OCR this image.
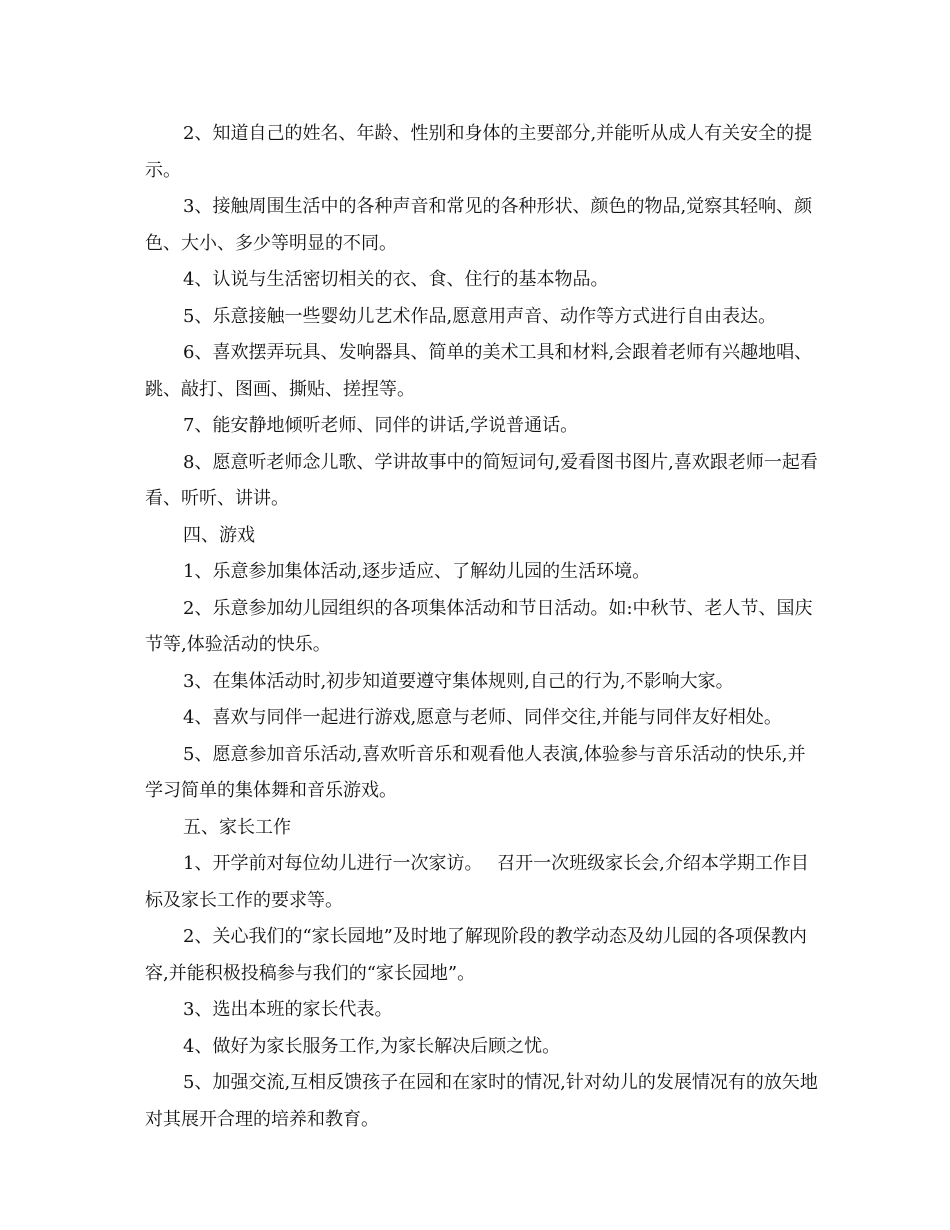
2、知道自己的姓名、年龄、性别和身体的主要部分,并能听从成人有关安全的提示。

3、接触周围生活中的各种声音和常见的各种形状、颜色的物品,觉察其轻响、颜色、大小、多少等明显的不同。

4、认说与生活密切相关的衣、食、住行的基本物品。

5、乐意接触一些婴幼儿艺术作品,愿意用声音、动作等方式进行自由表达。

6、喜欢摆弄玩具、发响器具、简单的美术工具和材料,会跟着老师有兴趣地唱、跳、敲打、图画、撕贴、搓捏等。

7、能安静地倾听老师、同伴的讲话,学说普通话。

8、愿意听老师念儿歌、学讲故事中的简短词句,爱看图书图片,喜欢跟老师一起看看、听听、讲讲。

四、游戏

1、乐意参加集体活动,逐步适应、了解幼儿园的生活环境。

2、乐意参加幼儿园组织的各项集体活动和节日活动。如:中秋节、老人节、国庆节等,体验活动的快乐。

3、在集体活动时,初步知道要遵守集体规则,自己的行为,不影响大家。

4、喜欢与同伴一起进行游戏,愿意与老师、同伴交往,并能与同伴友好相处。

5、愿意参加音乐活动,喜欢听音乐和观看他人表演,体验参与音乐活动的快乐,并学习简单的集体舞和音乐游戏。

五、家长工作

1、开学前对每位幼儿进行一次家访。　 召开一次班级家长会,介绍本学期工作目标及家长工作的要求等。

2、关心我们的“家长园地”及时地了解现阶段的教学动态及幼儿园的各项保教内容,并能积极投稿参与我们的“家长园地”。

3、选出本班的家长代表。

4、做好为家长服务工作,为家长解决后顾之忧。

5、加强交流,互相反馈孩子在园和在家时的情况,针对幼儿的发展情况有的放矢地对其展开合理的培养和教育。
